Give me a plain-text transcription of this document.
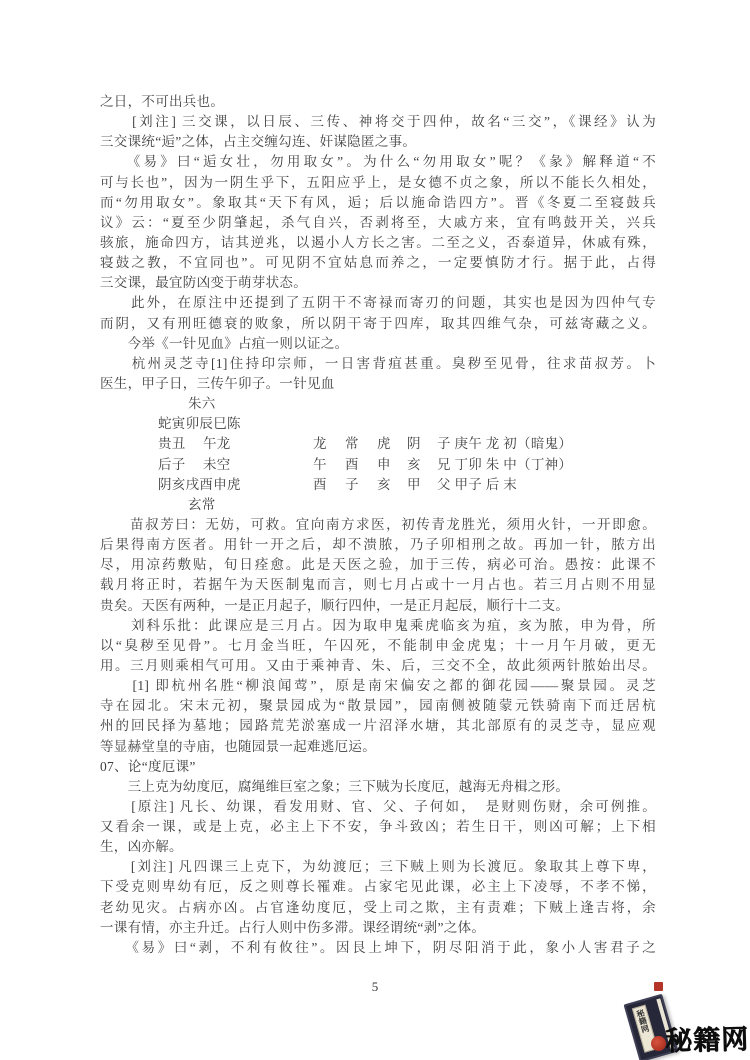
之日，不可出兵也。
　　[刘注] 三交课，以日辰、三传、神将交于四仲，故名“三交”，《课经》认为
三交课统“逅”之体，占主交缠勾连、奸谋隐匿之事。
　　《易》曰“逅女壮，勿用取女”。为什么“勿用取女”呢？《彖》解释道“不
可与长也”，因为一阴生乎下，五阳应乎上，是女德不贞之象，所以不能长久相处，
而“勿用取女”。象取其“天下有风，逅；后以施命诰四方”。晋《冬夏二至寝鼓兵
议》云：“夏至少阴肇起，杀气自兴，否剥将至，大戚方来，宜有鸣鼓开关，兴兵
骇旅，施命四方，诘其逆兆，以遏小人方长之害。二至之义，否泰道异，休戚有殊，
寝鼓之教，不宜同也”。可见阴不宜姑息而养之，一定要慎防才行。据于此，占得
三交课，最宜防凶变于萌芽状态。
　　此外，在原注中还提到了五阴干不寄禄而寄刃的问题，其实也是因为四仲气专
而阴，又有刑旺德衰的败象，所以阴干寄于四库，取其四维气杂，可兹寄藏之义。
　　今举《一针见血》占疽一则以证之。
　　杭州灵芝寺[1]住持印宗师，一日害背疽甚重。臭秽至见骨，往求苗叔芳。卜
医生，甲子日，三传午卯子。一针见血
朱六
蛇寅卯辰巳陈
贵丑 午龙	龙 常 虎 阴 子 庚午 龙 初（暗鬼）
后子 未空	午 酉 申 亥 兄 丁卯 朱 中（丁神）
阴亥戌酉申虎	酉 子 亥 甲 父 甲子 后 末
玄常
　　苗叔芳曰：无妨，可救。宜向南方求医，初传青龙胜光，须用火针，一开即愈。
后果得南方医者。用针一开之后，却不溃脓，乃子卯相刑之故。再加一针，脓方出
尽，用凉药敷贴，旬日痊愈。此是天医之验，加于三传，病必可治。愚按：此课不
载月将正时，若据午为天医制鬼而言，则七月占或十一月占也。若三月占则不用显
贵矣。天医有两种，一是正月起子，顺行四仲，一是正月起辰，顺行十二支。
　　刘科乐批：此课应是三月占。因为取申鬼乘虎临亥为疽，亥为脓，申为骨，所
以“臭秽至见骨”。七月金当旺，午囚死，不能制申金虎鬼；十一月午月破，更无
用。三月则乘相气可用。又由于乘神青、朱、后，三交不全，故此须两针脓始出尽。
　　[1] 即杭州名胜“柳浪闻莺”，原是南宋偏安之都的御花园——聚景园。灵芝
寺在园北。宋末元初，聚景园成为“散景园”，园南侧被随蒙元铁骑南下而迁居杭
州的回民择为墓地；园路荒芜淤塞成一片沼泽水塘，其北部原有的灵芝寺，显应观
等显赫堂皇的寺庙，也随园景一起难逃厄运。
07、论“度厄课”
　　三上克为幼度厄，腐绳维巨室之象；三下贼为长度厄，越海无舟楫之形。
　　[原注] 凡长、幼课，看发用财、官、父、子何如，　是财则伤财，余可例推。
又看余一课，或是上克，必主上下不安，争斗致凶；若生日干，则凶可解；上下相
生，凶亦解。
　　[刘注] 凡四课三上克下，为幼渡厄；三下贼上则为长渡厄。象取其上尊下卑，
下受克则卑幼有厄，反之则尊长罹难。占家宅见此课，必主上下凌辱，不孝不悌，
老幼见灾。占病亦凶。占官逢幼度厄，受上司之欺，主有责难；下贼上逢吉将，余
一课有情，亦主升迁。占行人则中伤多滞。课经谓统“剥”之体。
　　《易》曰“剥，不利有攸往”。因艮上坤下，阴尽阳消于此，象小人害君子之
5
秘籍网
秘籍网
